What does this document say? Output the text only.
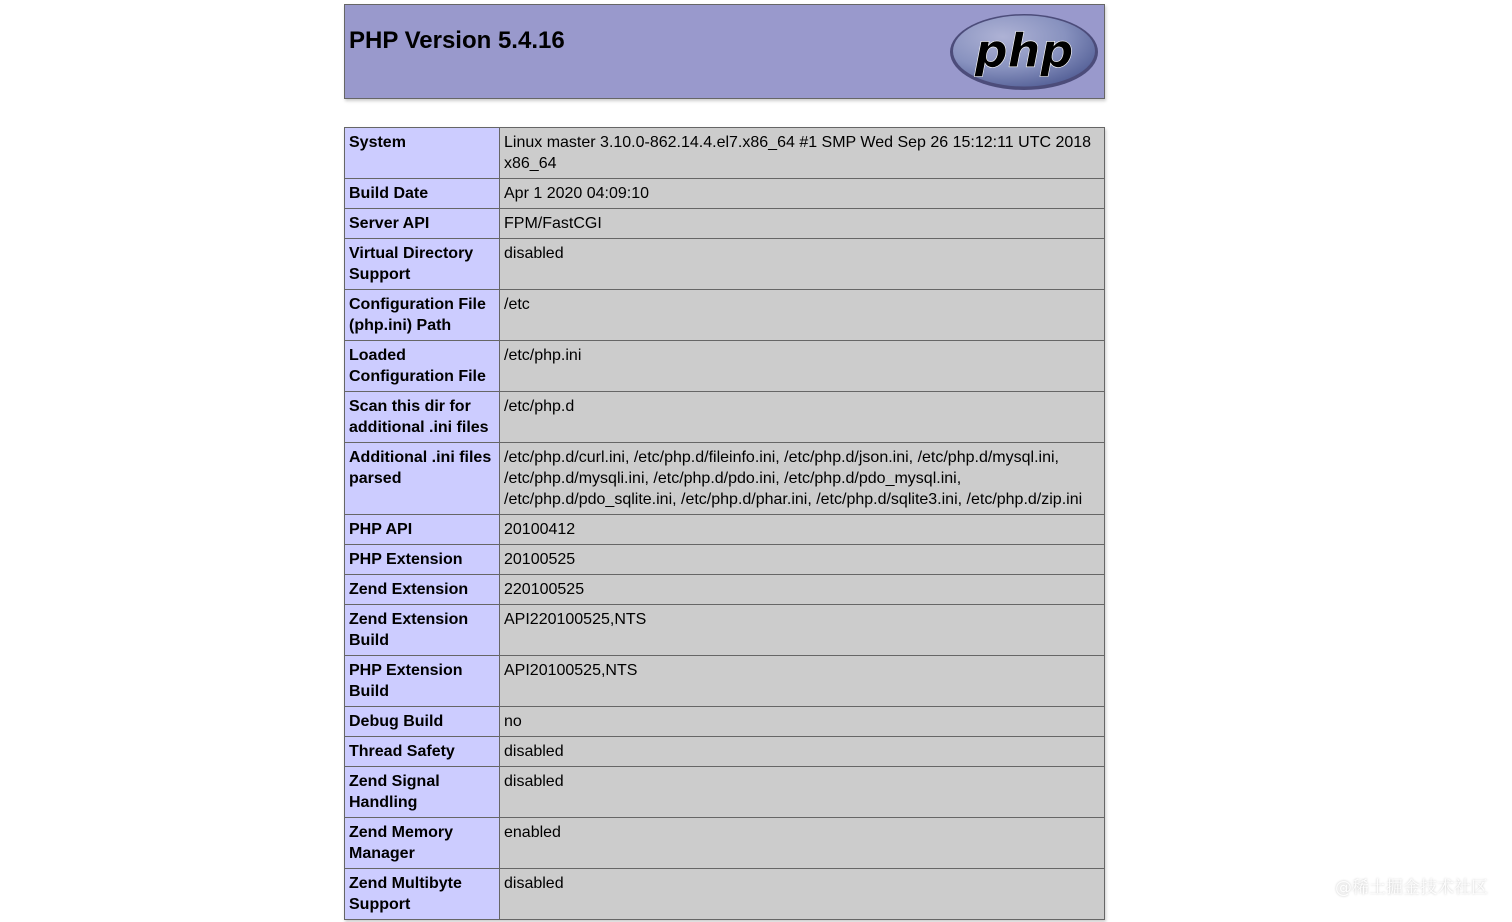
PHP Version 5.4.16	php
System	Linux master 3.10.0-862.14.4.el7.x86_64 #1 SMP Wed Sep 26 15:12:11 UTC 2018 x86_64
Build Date	Apr 1 2020 04:09:10
Server API	FPM/FastCGI
Virtual Directory Support	disabled
Configuration File (php.ini) Path	/etc
Loaded Configuration File	/etc/php.ini
Scan this dir for additional .ini files	/etc/php.d
Additional .ini files parsed	/etc/php.d/curl.ini, /etc/php.d/fileinfo.ini, /etc/php.d/json.ini, /etc/php.d/mysql.ini, /etc/php.d/mysqli.ini, /etc/php.d/pdo.ini, /etc/php.d/pdo_mysql.ini, /etc/php.d/pdo_sqlite.ini, /etc/php.d/phar.ini, /etc/php.d/sqlite3.ini, /etc/php.d/zip.ini
PHP API	20100412
PHP Extension	20100525
Zend Extension	220100525
Zend Extension Build	API220100525,NTS
PHP Extension Build	API20100525,NTS
Debug Build	no
Thread Safety	disabled
Zend Signal Handling	disabled
Zend Memory Manager	enabled
Zend Multibyte Support	disabled	@稀土掘金技术社区
